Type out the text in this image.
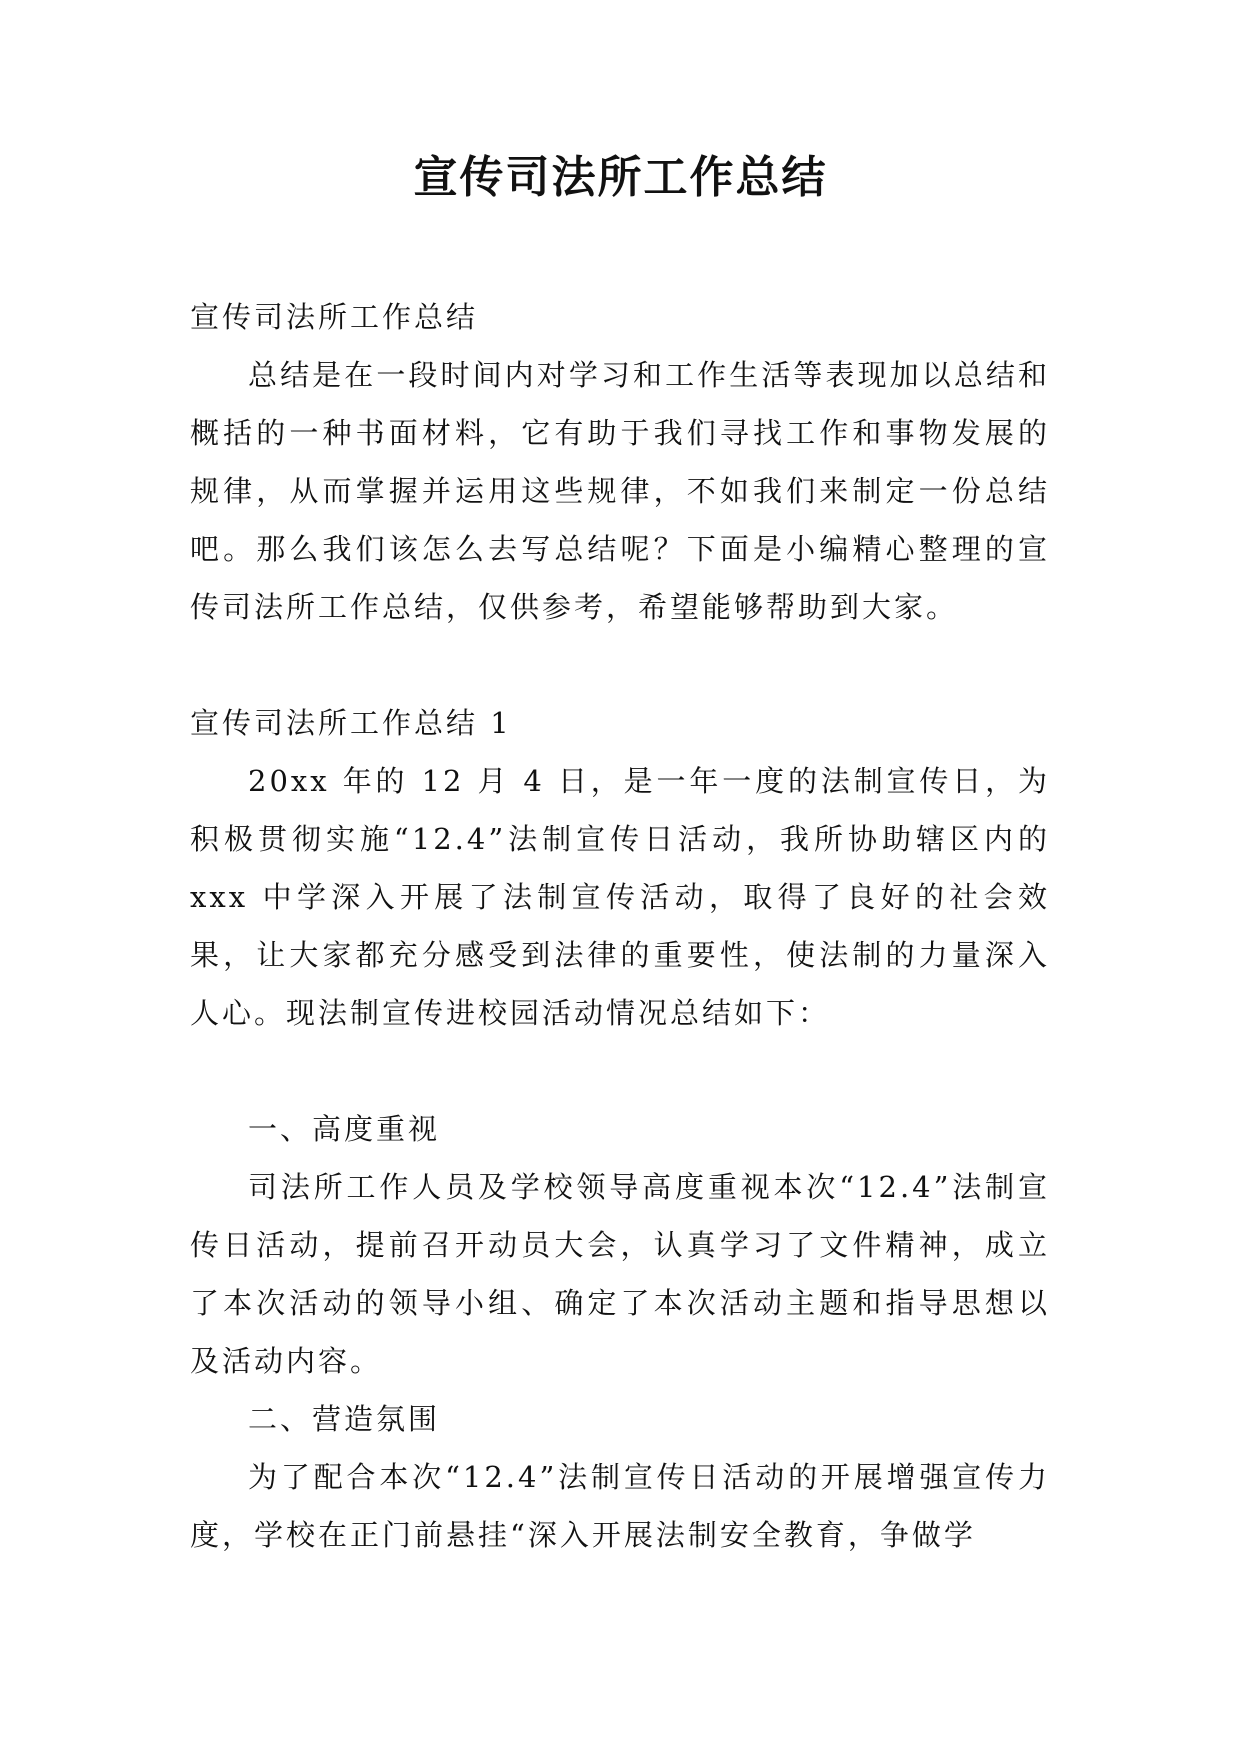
宣传司法所工作总结

宣传司法所工作总结

总结是在一段时间内对学习和工作生活等表现加以总结和概括的一种书面材料，它有助于我们寻找工作和事物发展的规律，从而掌握并运用这些规律，不如我们来制定一份总结吧。那么我们该怎么去写总结呢？下面是小编精心整理的宣传司法所工作总结，仅供参考，希望能够帮助到大家。

宣传司法所工作总结 1

20xx 年的 12 月 4 日，是一年一度的法制宣传日，为积极贯彻实施“12.4”法制宣传日活动，我所协助辖区内的 xxx 中学深入开展了法制宣传活动，取得了良好的社会效果，让大家都充分感受到法律的重要性，使法制的力量深入人心。现法制宣传进校园活动情况总结如下：

一、高度重视

司法所工作人员及学校领导高度重视本次“12.4”法制宣传日活动，提前召开动员大会，认真学习了文件精神，成立了本次活动的领导小组、确定了本次活动主题和指导思想以及活动内容。

二、营造氛围

为了配合本次“12.4”法制宣传日活动的开展增强宣传力度，学校在正门前悬挂“深入开展法制安全教育，争做学
